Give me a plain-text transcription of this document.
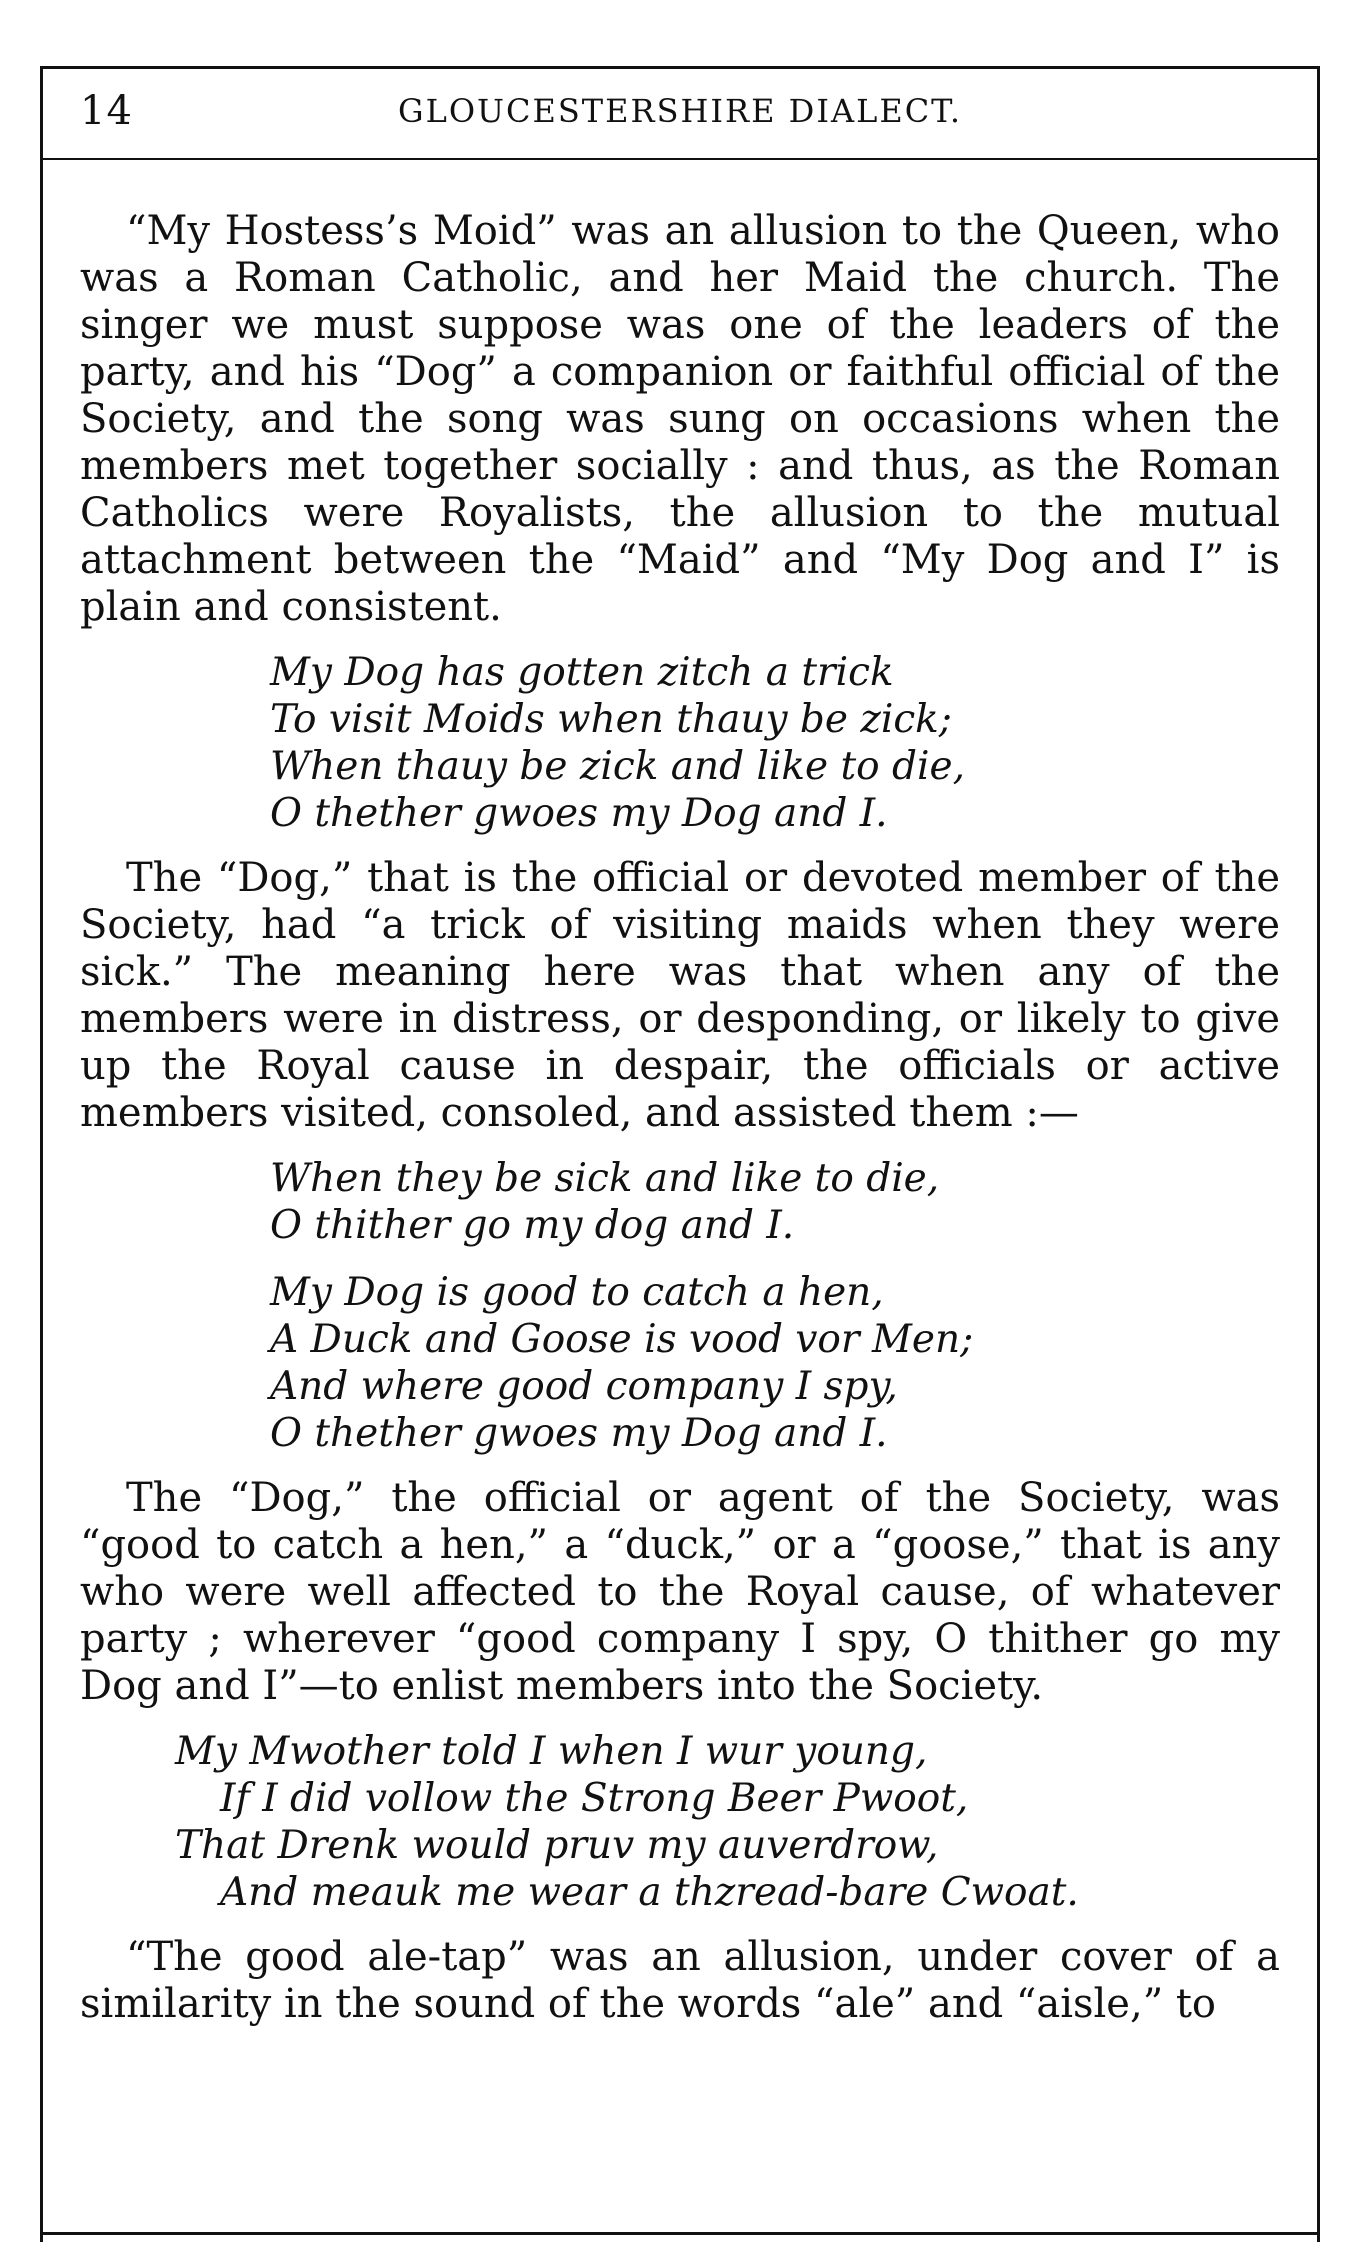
14	GLOUCESTERSHIRE DIALECT.

“My Hostess’s Moid” was an allusion to the Queen, who was a Roman Catholic, and her Maid the church. The singer we must suppose was one of the leaders of the party, and his “Dog” a companion or faithful official of the Society, and the song was sung on occasions when the members met together socially : and thus, as the Roman Catholics were Royalists, the allusion to the mutual attachment between the “Maid” and “My Dog and I” is plain and consistent.

My Dog has gotten zitch a trick
To visit Moids when thauy be zick;
When thauy be zick and like to die,
O thether gwoes my Dog and I.

The “Dog,” that is the official or devoted member of the Society, had “a trick of visiting maids when they were sick.” The meaning here was that when any of the members were in distress, or desponding, or likely to give up the Royal cause in despair, the officials or active members visited, consoled, and assisted them :—

When they be sick and like to die,
O thither go my dog and I.
My Dog is good to catch a hen,
A Duck and Goose is vood vor Men;
And where good company I spy,
O thether gwoes my Dog and I.

The “Dog,” the official or agent of the Society, was “good to catch a hen,” a “duck,” or a “goose,” that is any who were well affected to the Royal cause, of whatever party ; wherever “good company I spy, O thither go my Dog and I”—to enlist members into the Society.

My Mwother told I when I wur young,
If I did vollow the Strong Beer Pwoot,
That Drenk would pruv my auverdrow,
And meauk me wear a thzread-bare Cwoat.

“The good ale-tap” was an allusion, under cover of a similarity in the sound of the words “ale” and “aisle,” to
